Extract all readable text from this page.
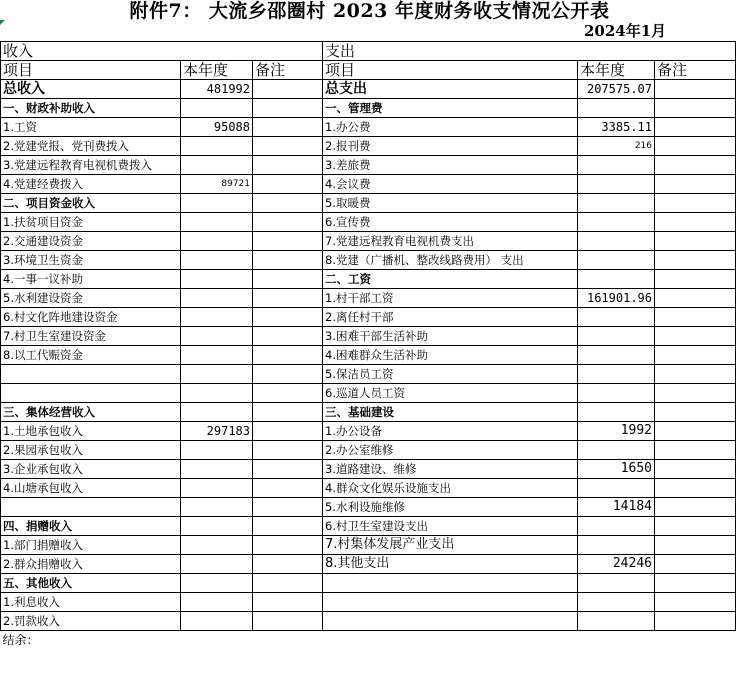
附件7： 大流乡邵圈村 2023 年度财务收支情况公开表
2024年1月
收入			支出		
项目	本年度	备注	项目	本年度	备注
总收入	481992		总支出	207575.07	
一、财政补助收入			一、管理费		
1.工资	95088		1.办公费	3385.11	
2.党建党报、党刊费拨入			2.报刊费	216	
3.党建远程教育电视机费拨入			3.差旅费		
4.党建经费拨入	89721		4.会议费		
二、项目资金收入			5.取暖费		
1.扶贫项目资金			6.宣传费		
2.交通建设资金			7.党建远程教育电视机费支出		
3.环境卫生资金			8.党建（广播机、整改线路费用） 支出		
4.一事一议补助			二、工资		
5.水利建设资金			1.村干部工资	161901.96	
6.村文化阵地建设资金			2.离任村干部		
7.村卫生室建设资金			3.困难干部生活补助		
8.以工代赈资金			4.困难群众生活补助		
			5.保洁员工资		
			6.巡道人员工资		
三、集体经营收入			三、基础建设		
1.土地承包收入	297183		1.办公设备	1992	
2.果园承包收入			2.办公室维修		
3.企业承包收入			3.道路建设、维修	1650	
4.山塘承包收入			4.群众文化娱乐设施支出		
			5.水利设施维修	14184	
四、捐赠收入			6.村卫生室建设支出		
1.部门捐赠收入			7.村集体发展产业支出		
2.群众捐赠收入			8.其他支出	24246	
五、其他收入					
1.利息收入					
2.罚款收入					
结余：					
